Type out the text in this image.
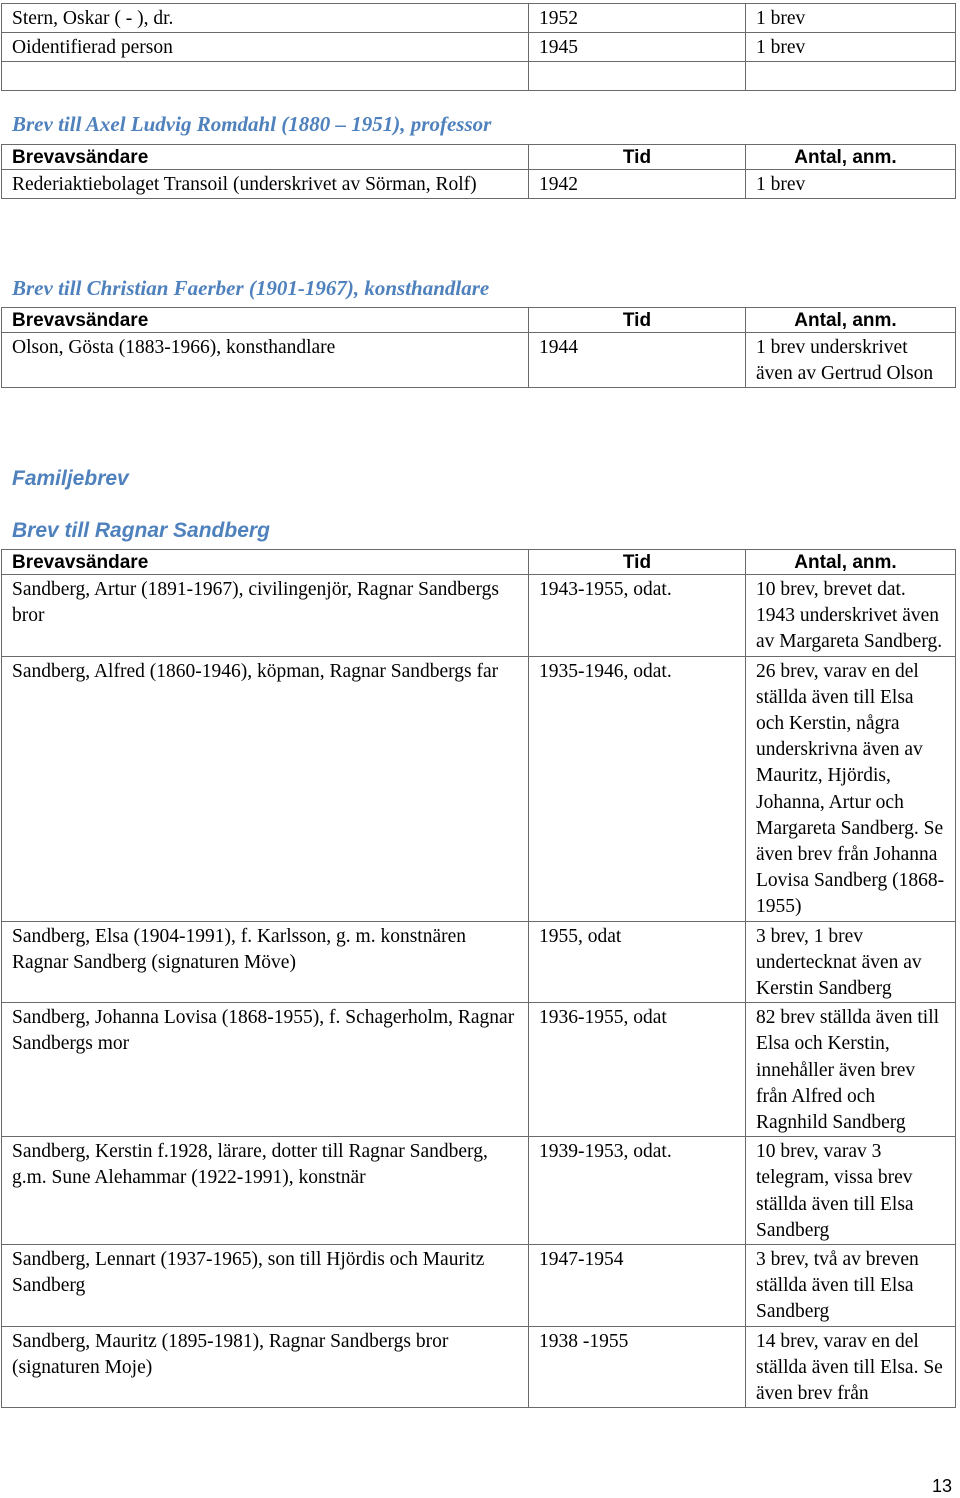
Stern, Oskar ( - ), dr.	1952	1 brev
Oidentifierad person	1945	1 brev

Brev till Axel Ludvig Romdahl (1880 – 1951), professor
Brevavsändare	Tid	Antal, anm.
Rederiaktiebolaget Transoil (underskrivet av Sörman, Rolf)	1942	1 brev
Brev till Christian Faerber (1901-1967), konsthandlare
Brevavsändare	Tid	Antal, anm.
Olson, Gösta (1883-1966), konsthandlare	1944	1 brev underskrivet även av Gertrud Olson
Familjebrev
Brev till Ragnar Sandberg
Brevavsändare	Tid	Antal, anm.
Sandberg, Artur (1891-1967), civilingenjör, Ragnar Sandbergs bror	1943-1955, odat.	10 brev, brevet dat. 1943 underskrivet även av Margareta Sandberg.
Sandberg, Alfred (1860-1946), köpman, Ragnar Sandbergs far	1935-1946, odat.	26 brev, varav en del ställda även till Elsa och Kerstin, några underskrivna även av Mauritz, Hjördis, Johanna, Artur och Margareta Sandberg. Se även brev från Johanna Lovisa Sandberg (1868-1955)
Sandberg, Elsa (1904-1991), f. Karlsson, g. m. konstnären Ragnar Sandberg (signaturen Möve)	1955, odat	3 brev, 1 brev undertecknat även av Kerstin Sandberg
Sandberg, Johanna Lovisa (1868-1955), f. Schagerholm, Ragnar Sandbergs mor	1936-1955, odat	82 brev ställda även till Elsa och Kerstin, innehåller även brev från Alfred och Ragnhild Sandberg
Sandberg, Kerstin f.1928, lärare, dotter till Ragnar Sandberg, g.m. Sune Alehammar (1922-1991), konstnär	1939-1953, odat.	10 brev, varav 3 telegram, vissa brev ställda även till Elsa Sandberg
Sandberg, Lennart (1937-1965), son till Hjördis och Mauritz Sandberg	1947-1954	3 brev, två av breven ställda även till Elsa Sandberg
Sandberg, Mauritz (1895-1981), Ragnar Sandbergs bror (signaturen Moje)	1938 -1955	14 brev, varav en del ställda även till Elsa. Se även brev från
13
